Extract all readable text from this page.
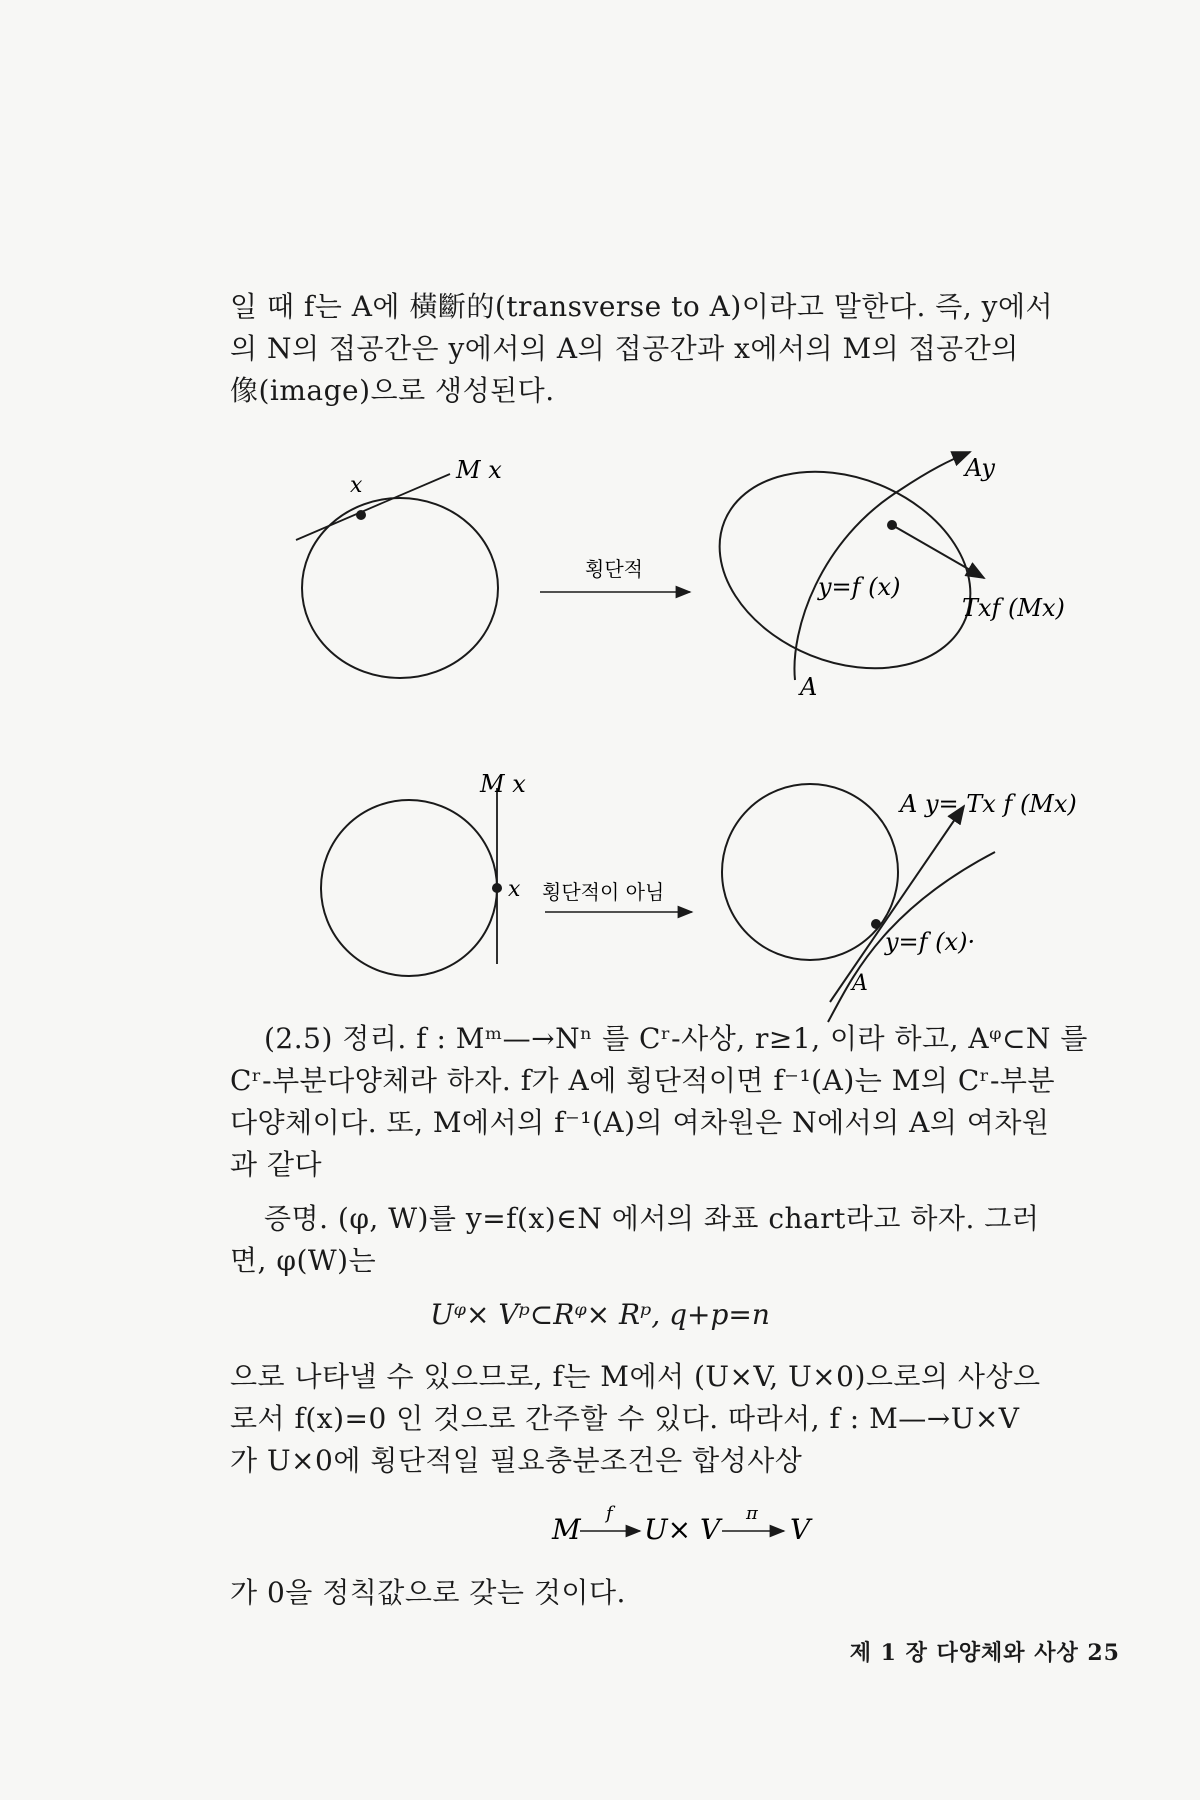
일 때 f는 A에 橫斷的(transverse to A)이라고 말한다. 즉, y에서

의 N의 접공간은 y에서의 A의 접공간과 x에서의 M의 접공간의

像(image)으로 생성된다.

x
M x
횡단적
Ay
y=f (x)
Txf (Mx)
A
M x
x 횡단적이 아님
A y= Tx f (Mx)
y=f (x)·
A

(2.5) 정리. f : Mᵐ—→Nⁿ 를 Cʳ-사상, r≥1, 이라 하고, Aᵠ⊂N 를

Cʳ-부분다양체라 하자. f가 A에 횡단적이면 f⁻¹(A)는 M의 Cʳ-부분

다양체이다. 또, M에서의 f⁻¹(A)의 여차원은 N에서의 A의 여차원

과 같다

증명. (φ, W)를 y=f(x)∈N 에서의 좌표 chart라고 하자. 그러

면, φ(W)는

Uᵠ× Vᵖ⊂Rᵠ× Rᵖ, q+p=n

으로 나타낼 수 있으므로, f는 M에서 (U×V, U×0)으로의 사상으

로서 f(x)=0 인 것으로 간주할 수 있다. 따라서, f : M—→U×V

가 U×0에 횡단적일 필요충분조건은 합성사상

M f U× V π V

가 0을 정칙값으로 갖는 것이다.

제 1 장 다양체와 사상 25
